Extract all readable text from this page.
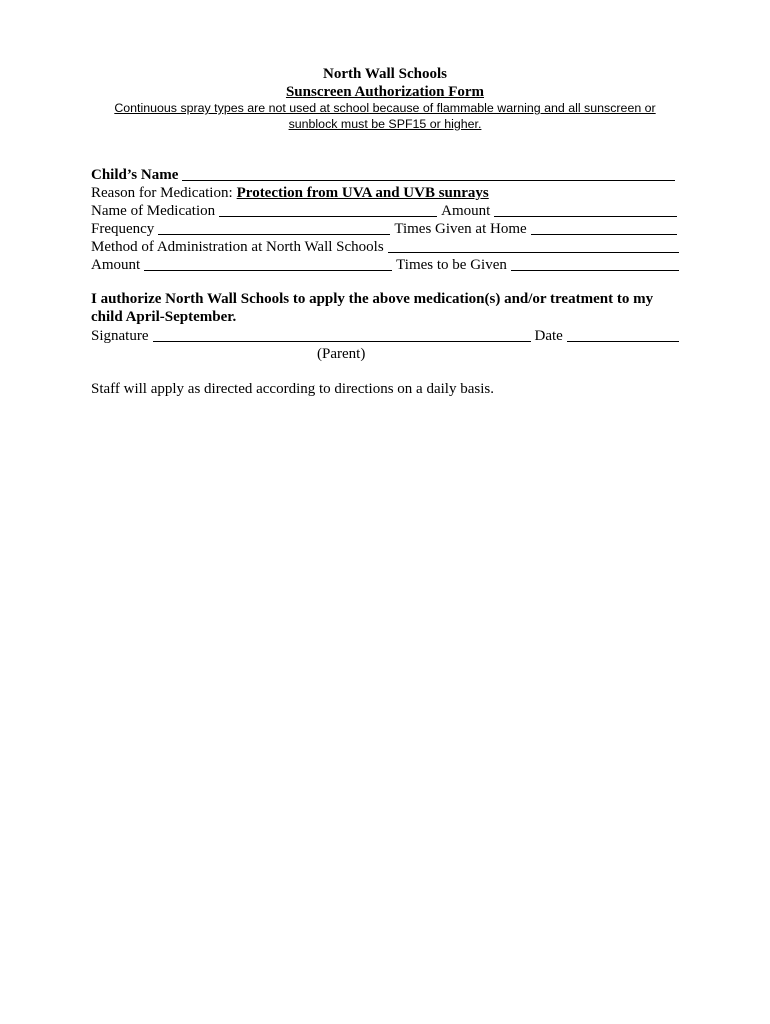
North Wall Schools
Sunscreen Authorization Form
Continuous spray types are not used at school because of flammable warning and all sunscreen or sunblock must be SPF15 or higher.
Child’s Name
Reason for Medication: Protection from UVA and UVB sunrays
Name of Medication	Amount
Frequency	Times Given at Home
Method of Administration at North Wall Schools
Amount	Times to be Given
I authorize North Wall Schools to apply the above medication(s) and/or treatment to my child April-September.
Signature	Date
(Parent)
Staff will apply as directed according to directions on a daily basis.
